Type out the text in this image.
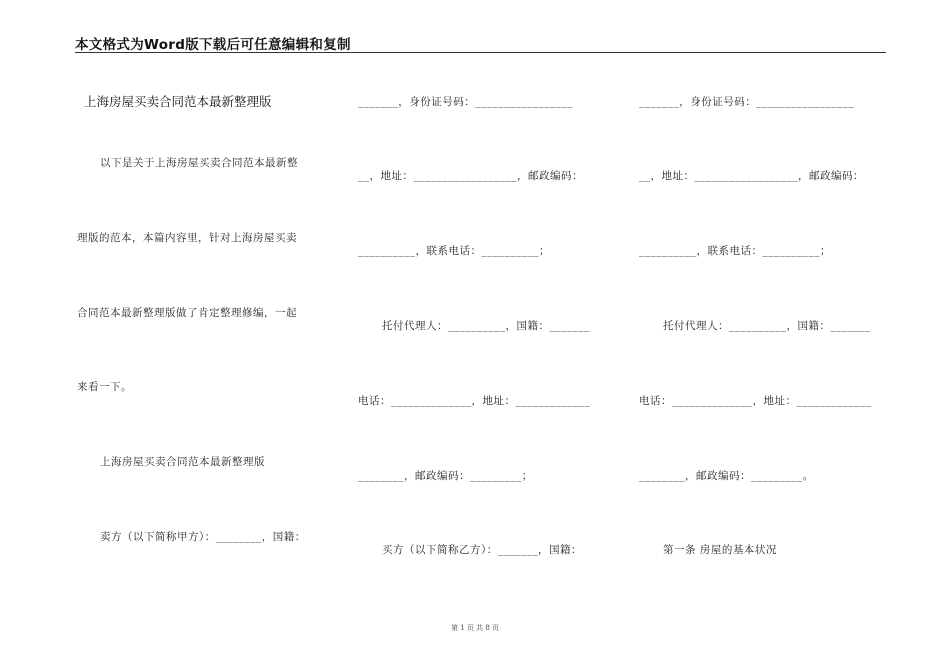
本文格式为Word版下载后可任意编辑和复制
上海房屋买卖合同范本最新整理版
以下是关于上海房屋买卖合同范本最新整
理版的范本，本篇内容里，针对上海房屋买卖
合同范本最新整理版做了肯定整理修编，一起
来看一下。
上海房屋买卖合同范本最新整理版
卖方（以下简称甲方）：________，国籍：
_______，身份证号码：_________________
__，地址：__________________，邮政编码：
__________，联系电话：__________；
托付代理人：__________，国籍：_______
电话：______________，地址：_____________
________，邮政编码：_________；
买方（以下简称乙方）：_______，国籍：
_______，身份证号码：_________________
__，地址：__________________，邮政编码：
__________，联系电话：__________；
托付代理人：__________，国籍：_______
电话：______________，地址：_____________
________，邮政编码：_________。
第一条 房屋的基本状况
第 1 页 共 8 页
